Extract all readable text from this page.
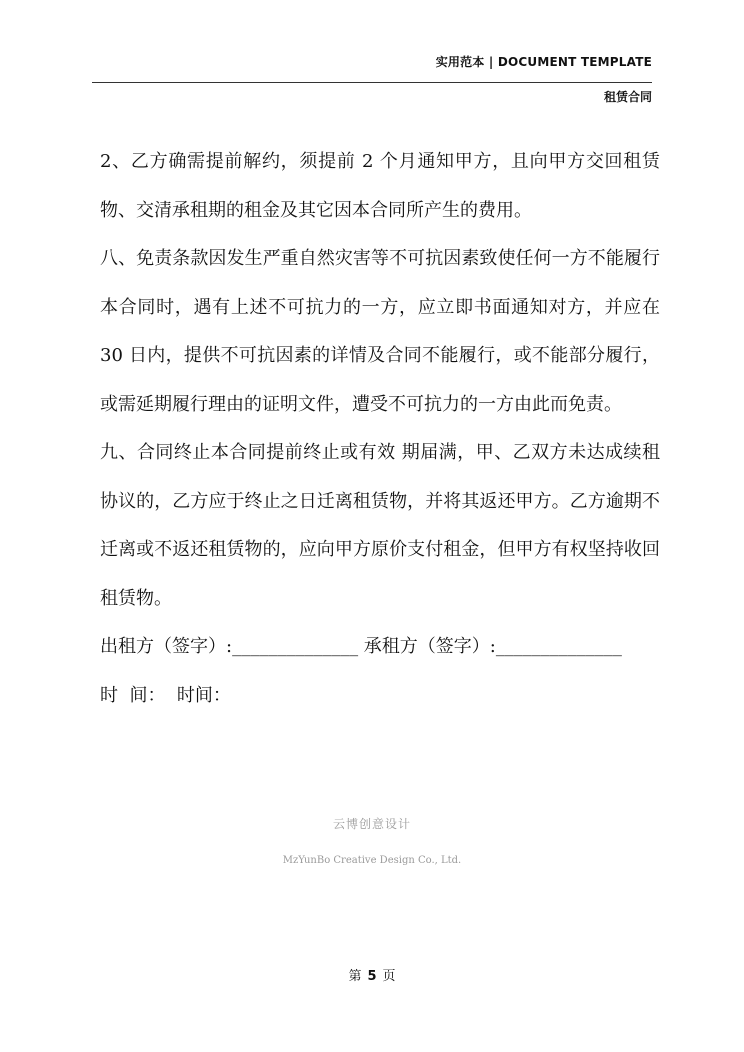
实用范本 | DOCUMENT TEMPLATE
租赁合同

2、乙方确需提前解约，须提前 2 个月通知甲方，且向甲方交回租赁物、交清承租期的租金及其它因本合同所产生的费用。

八、免责条款因发生严重自然灾害等不可抗因素致使任何一方不能履行本合同时，遇有上述不可抗力的一方，应立即书面通知对方，并应在 30 日内，提供不可抗因素的详情及合同不能履行，或不能部分履行，或需延期履行理由的证明文件，遭受不可抗力的一方由此而免责。

九、合同终止本合同提前终止或有效 期届满，甲、乙双方未达成续租协议的，乙方应于终止之日迁离租赁物，并将其返还甲方。乙方逾期不迁离或不返还租赁物的，应向甲方原价支付租金，但甲方有权坚持收回租赁物。

出租方（签字）:______________ 承租方（签字）:______________

时  间：  时间：

云博创意设计
MzYunBo Creative Design Co., Ltd.
第 5 页
